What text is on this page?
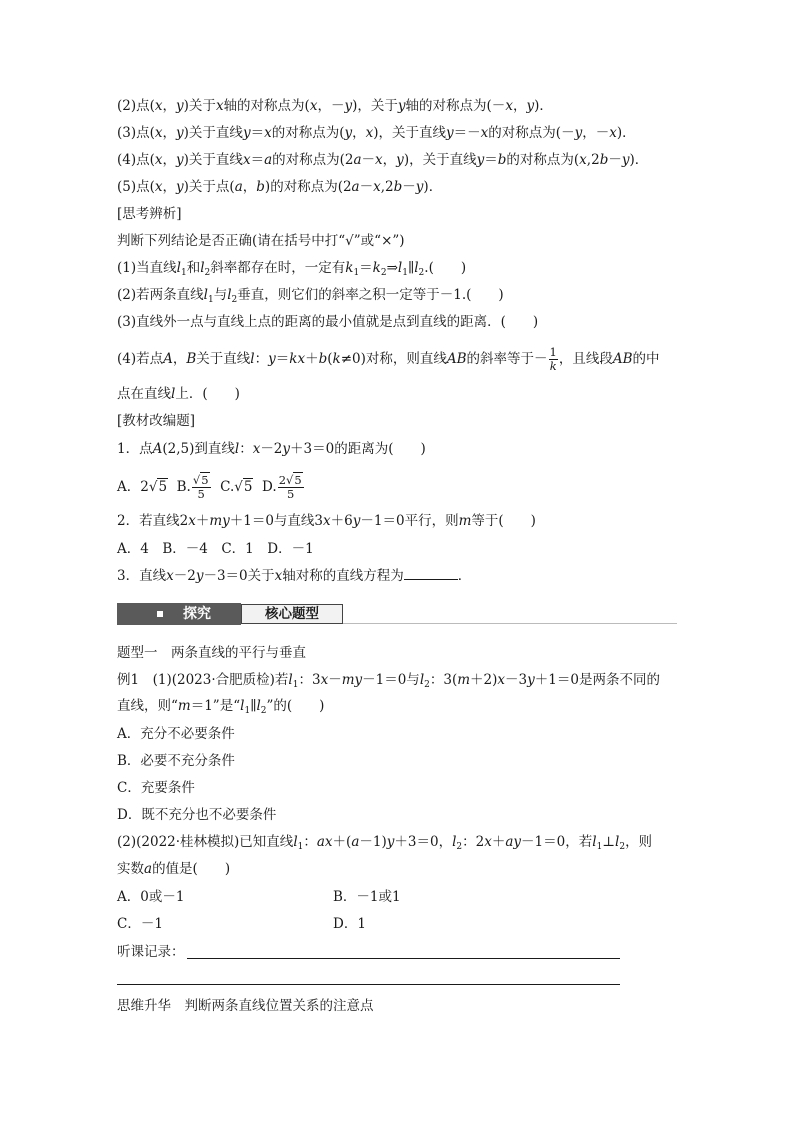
(2)点(x，y)关于x轴的对称点为(x，－y)，关于y轴的对称点为(－x，y)．
(3)点(x，y)关于直线y＝x的对称点为(y，x)，关于直线y＝－x的对称点为(－y，－x)．
(4)点(x，y)关于直线x＝a的对称点为(2a－x，y)，关于直线y＝b的对称点为(x,2b－y)．
(5)点(x，y)关于点(a，b)的对称点为(2a－x,2b－y)．
[思考辨析]
判断下列结论是否正确(请在括号中打“√”或“×”)
(1)当直线$l_1$和$l_2$斜率都存在时，一定有$k_1=k_2\Rightarrow l_1\parallel l_2$.(　　)
(2)若两条直线$l_1$与$l_2$垂直，则它们的斜率之积一定等于－1.(　　)
(3)直线外一点与直线上点的距离的最小值就是点到直线的距离．(　　)
(4)若点A，B关于直线l：y＝kx＋b(k≠0)对称，则直线AB的斜率等于－ $\frac{1}{k}$ ，且线段AB的中
点在直线l上．(　　)
[教材改编题]
1．点A(2,5)到直线l：x－2y＋3＝0的距离为(　　)
A．2√5 B. $\frac{√5}{5} C.√5$ D. $\frac{2√5}{5}$
2．若直线2x＋my＋1＝0与直线3x＋6y－1＝0平行，则m等于(　　)
A．4　B．－4　C．1　D．－1
3．直线x－2y－3＝0关于x轴对称的直线方程为	．
探究	核心题型
题型一　两条直线的平行与垂直
例1　(1)(2023·合肥质检)若$l_1$：3x－my－1＝0与$l_2$：3(m＋2)x－3y＋1＝0是两条不同的
直线，则“m＝1”是“$l_1\parallel l_2$”的(　　)
A．充分不必要条件
B．必要不充分条件
C．充要条件
D．既不充分也不必要条件
(2)(2022·桂林模拟)已知直线$l_1$：ax＋(a－1)y＋3＝0，$l_2$：2x＋ay－1＝0，若$l_1\perp l_2$，则
实数a的值是(　　)
A．0或－1	B．－1或1
C．－1	D．1
听课记录：
思维升华　判断两条直线位置关系的注意点
